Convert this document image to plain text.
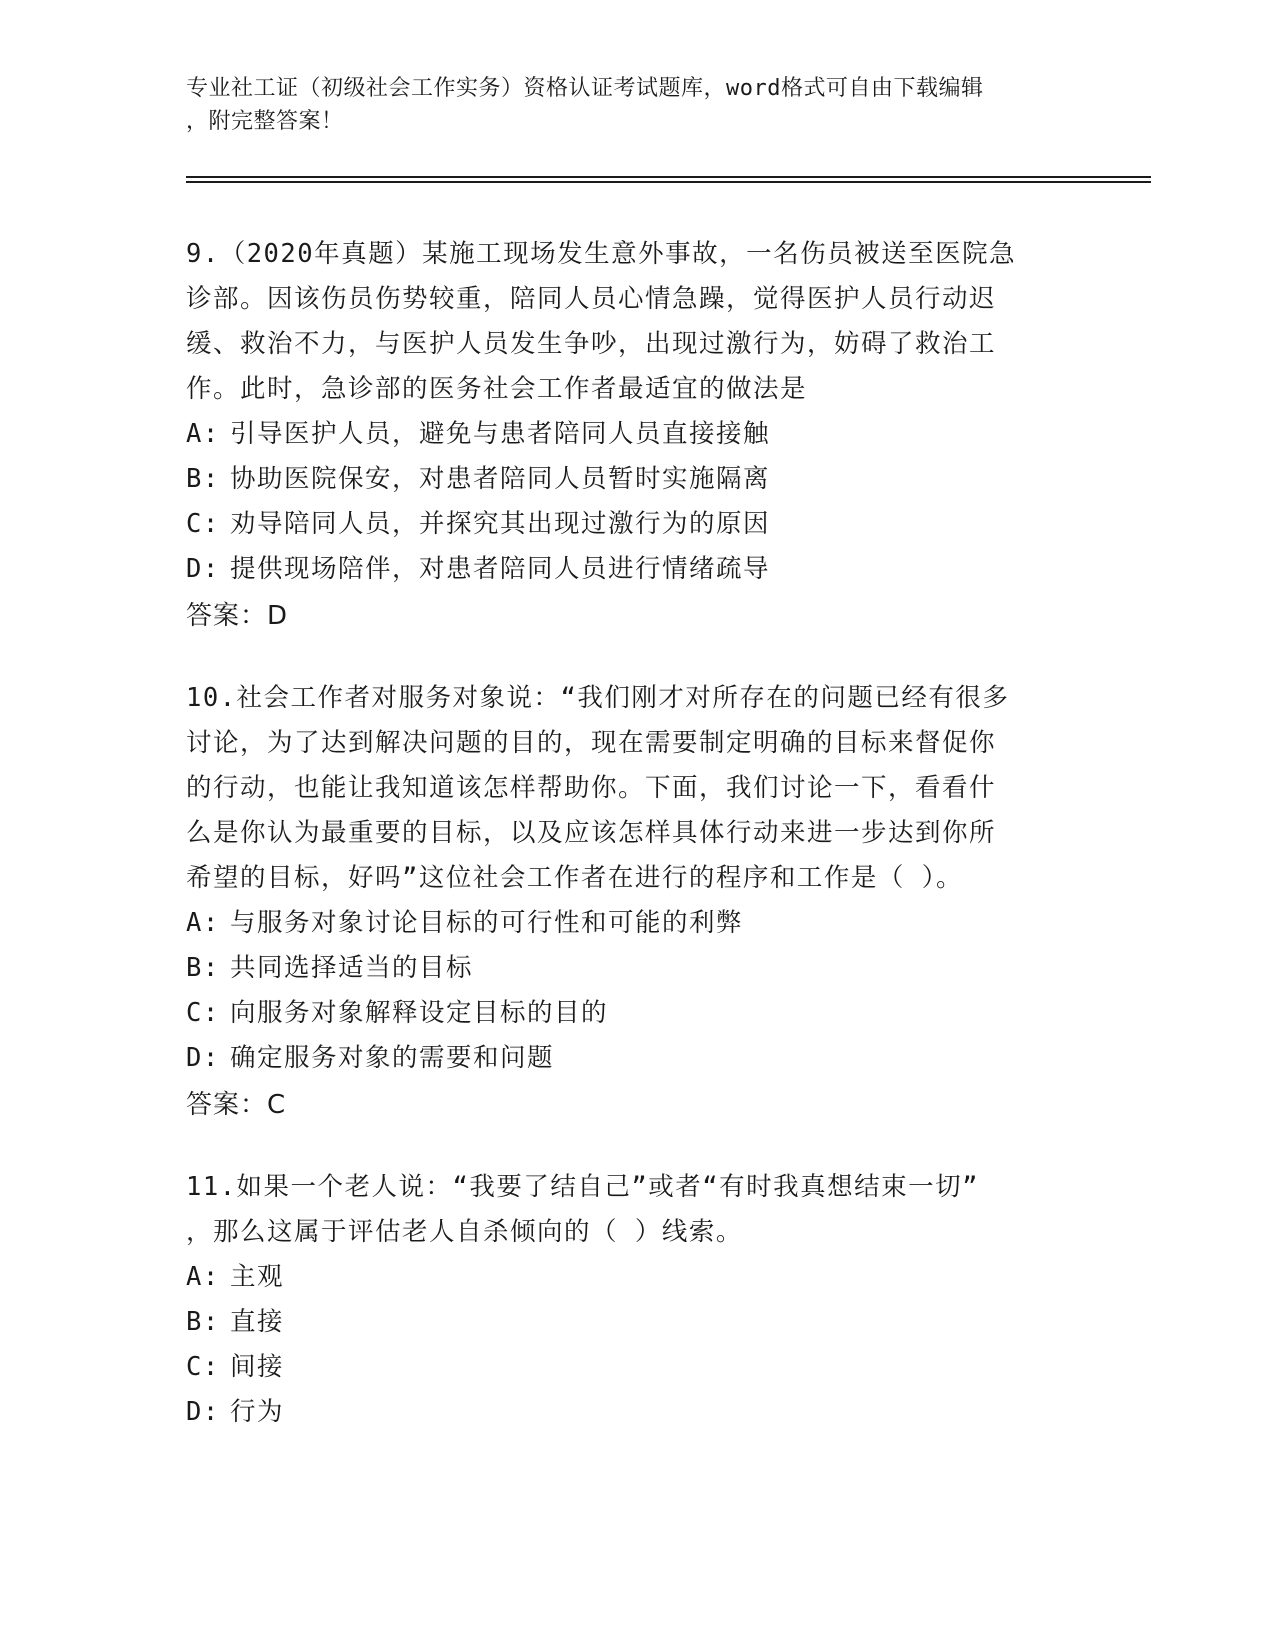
专业社工证（初级社会工作实务）资格认证考试题库，word格式可自由下载编辑
，附完整答案！

9.（2020年真题）某施工现场发生意外事故，一名伤员被送至医院急

诊部。因该伤员伤势较重，陪同人员心情急躁，觉得医护人员行动迟

缓、救治不力，与医护人员发生争吵，出现过激行为，妨碍了救治工

作。此时，急诊部的医务社会工作者最适宜的做法是

A: 引导医护人员，避免与患者陪同人员直接接触

B: 协助医院保安，对患者陪同人员暂时实施隔离

C: 劝导陪同人员，并探究其出现过激行为的原因

D: 提供现场陪伴，对患者陪同人员进行情绪疏导

答案：D

10.社会工作者对服务对象说：“我们刚才对所存在的问题已经有很多

讨论，为了达到解决问题的目的，现在需要制定明确的目标来督促你

的行动，也能让我知道该怎样帮助你。下面，我们讨论一下，看看什

么是你认为最重要的目标，以及应该怎样具体行动来进一步达到你所

希望的目标，好吗”这位社会工作者在进行的程序和工作是（ ）。

A: 与服务对象讨论目标的可行性和可能的利弊

B: 共同选择适当的目标

C: 向服务对象解释设定目标的目的

D: 确定服务对象的需要和问题

答案：C

11.如果一个老人说：“我要了结自己”或者“有时我真想结束一切”

，那么这属于评估老人自杀倾向的（ ）线索。

A: 主观

B: 直接

C: 间接

D: 行为
